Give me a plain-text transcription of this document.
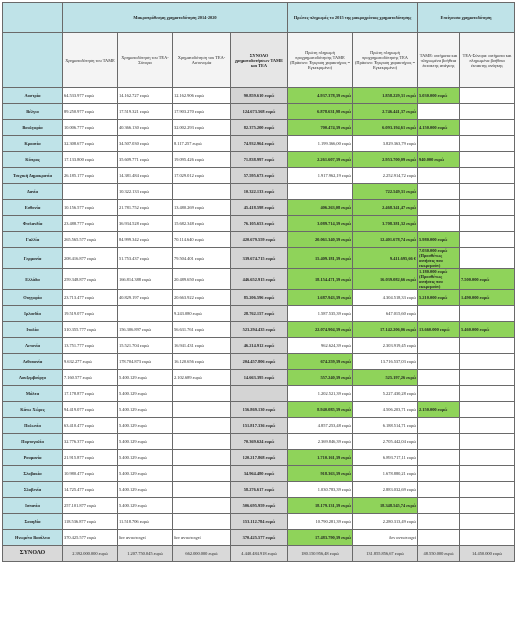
	Μακροπρόθεσμη χρηματοδότηση 2014-2020				Πρώτες πληρωμές το 2015 της μακροχρόνιας χρηματοδότησης		Επείγουσα χρηματοδότηση	
	Χρηματοδότηση του ΤΑΜΕ	Χρηματοδότηση του ΤΕΑ-Σύνορα	Χρηματοδότηση του ΤΕΑ-Αστυνομία	ΣΥΝΟΛΟ χρηματοδοτήσεων ΤΑΜΕ και ΤΕΑ	Πρώτη πληρωμή προχρηματοδότησης ΤΑΜΕ (Πράσινο: Έγκριση χαρακτήρος = Εγκεκριμένο)	Πρώτη πληρωμή προχρηματοδότησης ΤΕΑ (Πράσινο: Έγκριση χαρακτήρος = Εγκεκριμένο)	ΤΑΜΕ: αιτήματα και πληρωμένα βοήθεια έκτακτης ανάγκης	ΤΕΑ-Σύνορα: αιτήματα και πληρωμένα βοήθεια έκτακτης ανάγκης
Αυστρία	64.533.977 ευρώ	14.162.727 ευρώ	12.162.906 ευρώ	90.859.610 ευρώ	4.937.378,39 ευρώ	1.858.229,31 ευρώ	5.030.000 ευρώ	
Βέλγιο	89.250.977 ευρώ	17.519.321 ευρώ	17.903.270 ευρώ	124.673.568 ευρώ	6.878.631,98 ευρώ	2.746.441,37 ευρώ		
Βουλγαρία	10.006.777 ευρώ	40.366.130 ευρώ	32.002.293 ευρώ	82.375.200 ευρώ	700.474,39 ευρώ	6.093.194,61 ευρώ	4.150.000 ευρώ	
Κροατία	32.308.677 ευρώ	34.507.030 ευρώ	8.117.257 ευρώ	74.932.964 ευρώ	1.199.366,00 ευρώ	3.829.363,79 ευρώ		
Κύπρος	17.133.800 ευρώ	35.609.771 ευρώ	19.095.426 ευρώ	71.838.997 ευρώ	2.261.607,39 ευρώ	2.953.700,09 ευρώ	940.000 ευρώ	
Τσεχική Δημοκρατία	26.185.177 ευρώ	14.381.484 ευρώ	17.029.012 ευρώ	57.595.673 ευρώ	1.917.962,19 ευρώ	2.252.914,72 ευρώ		
Δανία		10.322.133 ευρώ		10.322.133 ευρώ		722.549,31 ευρώ		
Εσθονία	10.156.577 ευρώ	21.781.752 ευρώ	13.480.269 ευρώ	45.418.598 ευρώ	406.263,08 ευρώ	2.468.341,47 ευρώ		
Φινλανδία	23.488.777 ευρώ	36.934.528 ευρώ	15.682.348 ευρώ	76.105.653 ευρώ	3.089.714,39 ευρώ	3.708.381,32 ευρώ		
Γαλλία	265.565.577 ευρώ	84.999.342 ευρώ	70.114.640 ευρώ	420.679.559 ευρώ	20.061.340,39 ευρώ	12.401.678,74 ευρώ	5.980.000 ευρώ	
Γερμανία	208.416.877 ευρώ	51.753.437 ευρώ	79.504.401 ευρώ	339.674.715 ευρώ	15.409.181,39 ευρώ	9.411.695,66 €	7.030.000 ευρώ
(Προσθέτως αιτήσεις που εκκρεμούν)	

Ελλάδα	259.348.877 ευρώ	166.814.388 ευρώ	20.489.650 ευρώ	446.652.915 ευρώ	18.154.471,39 ευρώ	16.039.082,66 ευρώ	1.180.000 ευρώ
(Προσθέτως αιτήσεις που εκκρεμούν)	7.500.000 ευρώ
Ουγγαρία	23.713.477 ευρώ	40.829.197 ευρώ	20.663.922 ευρώ	85.206.596 ευρώ	1.687.943,39 ευρώ	4.304.518,33 ευρώ	5.210.000 ευρώ	1.490.000 ευρώ
Ιρλανδία	19.519.077 ευρώ		9.243.080 ευρώ	28.762.157 ευρώ	1.587.535,39 ευρώ	647.015,60 ευρώ		
Ιταλία	310.355.777 ευρώ	156.306.897 ευρώ	56.631.761 ευρώ	523.294.435 ευρώ	22.074.904,39 ευρώ	17.142.206,06 ευρώ	13.660.000 ευρώ	5.460.000 ευρώ
Λετονία	13.751.777 ευρώ	15.521.704 ευρώ	16.941.431 ευρώ	46.214.912 ευρώ	962.624,39 ευρώ	2.303.919,45 ευρώ		
Λιθουανία	9.632.277 ευρώ	178.704.873 ευρώ	16.120.656 ευρώ	204.457.806 ευρώ	674.259,39 ευρώ	13.716.537,03 ευρώ		
Λουξεμβούργο	7.160.577 ευρώ	5.400.129 ευρώ	2.102.689 ευρώ	14.663.395 ευρώ	557.240,39 ευρώ	525.197,26 ευρώ		
Μάλτα	17.178.877 ευρώ	5.400.129 ευρώ			1.202.521,39 ευρώ	5.227.430,28 ευρώ		
Κάτω Χώρες	94.419.077 ευρώ	5.400.129 ευρώ		156.869.130 ευρώ	8.940.085,39 ευρώ	4.506.203,71 ευρώ	2.150.000 ευρώ	
Πολωνία	63.410.477 ευρώ	5.400.129 ευρώ		151.817.336 ευρώ	4.857.253,48 ευρώ	6.188.514,71 ευρώ		
Πορτογαλία	32.776.377 ευρώ	5.400.129 ευρώ		70.369.624 ευρώ	2.369.846,39 ευρώ	2.705.442,04 ευρώ		
Ρουμανία	21.915.877 ευρώ	5.400.129 ευρώ		120.217.868 ευρώ	1.710.161,39 ευρώ	6.893.717,11 ευρώ		
Σλοβακία	10.980.477 ευρώ	5.400.129 ευρώ		34.964.480 ευρώ	918.363,39 ευρώ	1.678.880,21 ευρώ		
Σλοβενία	14.725.477 ευρώ	5.400.129 ευρώ		58.276.617 ευρώ	1.030.783,39 ευρώ	2.883.032,69 ευρώ		
Ισπανία	257.101.877 ευρώ	5.400.129 ευρώ		506.695.959 ευρώ	18.179.131,39 ευρώ	18.348.545,74 ευρώ		
Σουηδία	118.536.877 ευρώ	11.518.706 ευρώ		153.112.784 ευρώ	10.790.281,39 ευρώ	2.280.313,49 ευρώ		
Ηνωμένο Βασίλειο	370.425.577 ευρώ	δεν αντιστοιχεί	δεν αντιστοιχεί	370.425.577 ευρώ	17.483.790,39 ευρώ	δεν αντιστοιχεί		
ΣΥΝΟΛΟ	2.392.000.000 ευρώ	1.207.750.045 ευρώ	662.000.000 ευρώ	4.440.484.918 ευρώ	180.150.956,48 ευρώ	131.855.856,67 ευρώ	48.550.000 ευρώ	14.450.000 ευρώ
